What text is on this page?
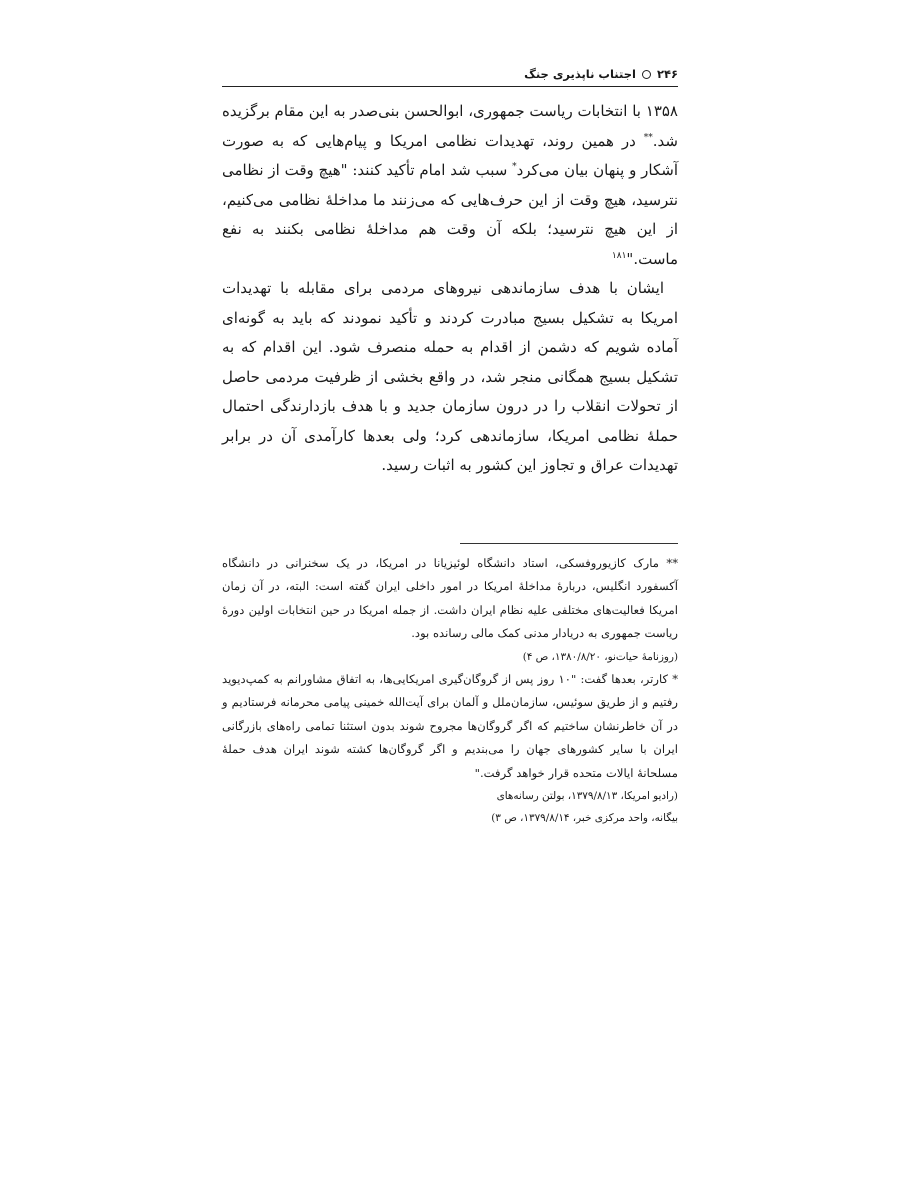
۲۴۶
اجتناب ناپذیری جنگ

۱۳۵۸ با انتخابات ریاست جمهوری، ابوالحسن بنی‌صدر به این مقام برگزیده شد.** در همین روند، تهدیدات نظامی امریکا و پیام‌هایی که به صورت آشکار و پنهان بیان می‌کرد* سبب شد امام تأکید کنند: "هیچ وقت از نظامی نترسید، هیچ وقت از این حرف‌هایی که می‌زنند ما مداخلهٔ نظامی می‌کنیم، از این هیچ نترسید؛ بلکه آن وقت هم مداخلهٔ نظامی بکنند به نفع ماست."$^{۱۸۱}$

ایشان با هدف سازماندهی نیروهای مردمی برای مقابله با تهدیدات امریکا به تشکیل بسیج مبادرت کردند و تأکید نمودند که باید به گونه‌ای آماده شویم که دشمن از اقدام به حمله منصرف شود. این اقدام که به تشکیل بسیج همگانی منجر شد، در واقع بخشی از ظرفیت مردمی حاصل از تحولات انقلاب را در درون سازمان جدید و با هدف بازدارندگی احتمال حملهٔ نظامی امریکا، سازماندهی کرد؛ ولی بعدها کارآمدی آن در برابر تهدیدات عراق و تجاوز این کشور به اثبات رسید.

** مارک کازیوروفسکی، استاد دانشگاه لوئیزیانا در امریکا، در یک سخنرانی در دانشگاه آکسفورد انگلیس، دربارهٔ مداخلهٔ امریکا در امور داخلی ایران گفته است: البته، در آن زمان امریکا فعالیت‌های مختلفی علیه نظام ایران داشت. از جمله امریکا در حین انتخابات اولین دورهٔ ریاست جمهوری به دریادار مدنی کمک مالی رسانده بود.

(روزنامهٔ حیات‌نو، ۱۳۸۰/۸/۲۰، ص ۴)

* کارتر، بعدها گفت: "۱۰ روز پس از گروگان‌گیری امریکایی‌ها، به اتفاق مشاورانم به کمپ‌دیوید رفتیم و از طریق سوئیس، سازمان‌ملل و آلمان برای آیت‌الله خمینی پیامی محرمانه فرستادیم و در آن خاطرنشان ساختیم که اگر گروگان‌ها مجروح شوند بدون استثنا تمامی راه‌های بازرگانی ایران با سایر کشورهای جهان را می‌بندیم و اگر گروگان‌ها کشته شوند ایران هدف حملهٔ مسلحانهٔ ایالات متحده قرار خواهد گرفت."

(رادیو امریکا، ۱۳۷۹/۸/۱۳، بولتن رسانه‌های

بیگانه، واحد مرکزی خبر، ۱۳۷۹/۸/۱۴، ص ۳)
